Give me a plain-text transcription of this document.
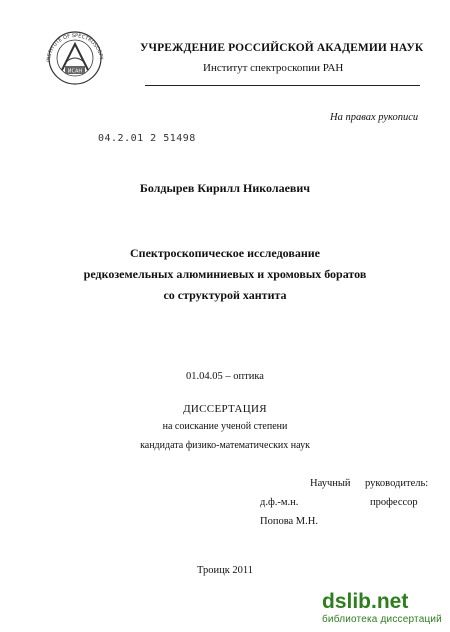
INSTITUTE OF SPECTROSCOPY
ИСАН
УЧРЕЖДЕНИЕ РОССИЙСКОЙ АКАДЕМИИ НАУК
Институт спектроскопии РАН
На правах рукописи
04.2.01 2 51498
Болдырев Кирилл Николаевич
Спектроскопическое исследование
редкоземельных алюминиевых и хромовых боратов
со структурой хантита
01.04.05 – оптика
ДИССЕРТАЦИЯ
на соискание ученой степени
кандидата физико-математических наук
Научный руководитель:
д.ф.-м.н.	профессор
Попова М.Н.
Троицк 2011
dslib.net
библиотека диссертаций
